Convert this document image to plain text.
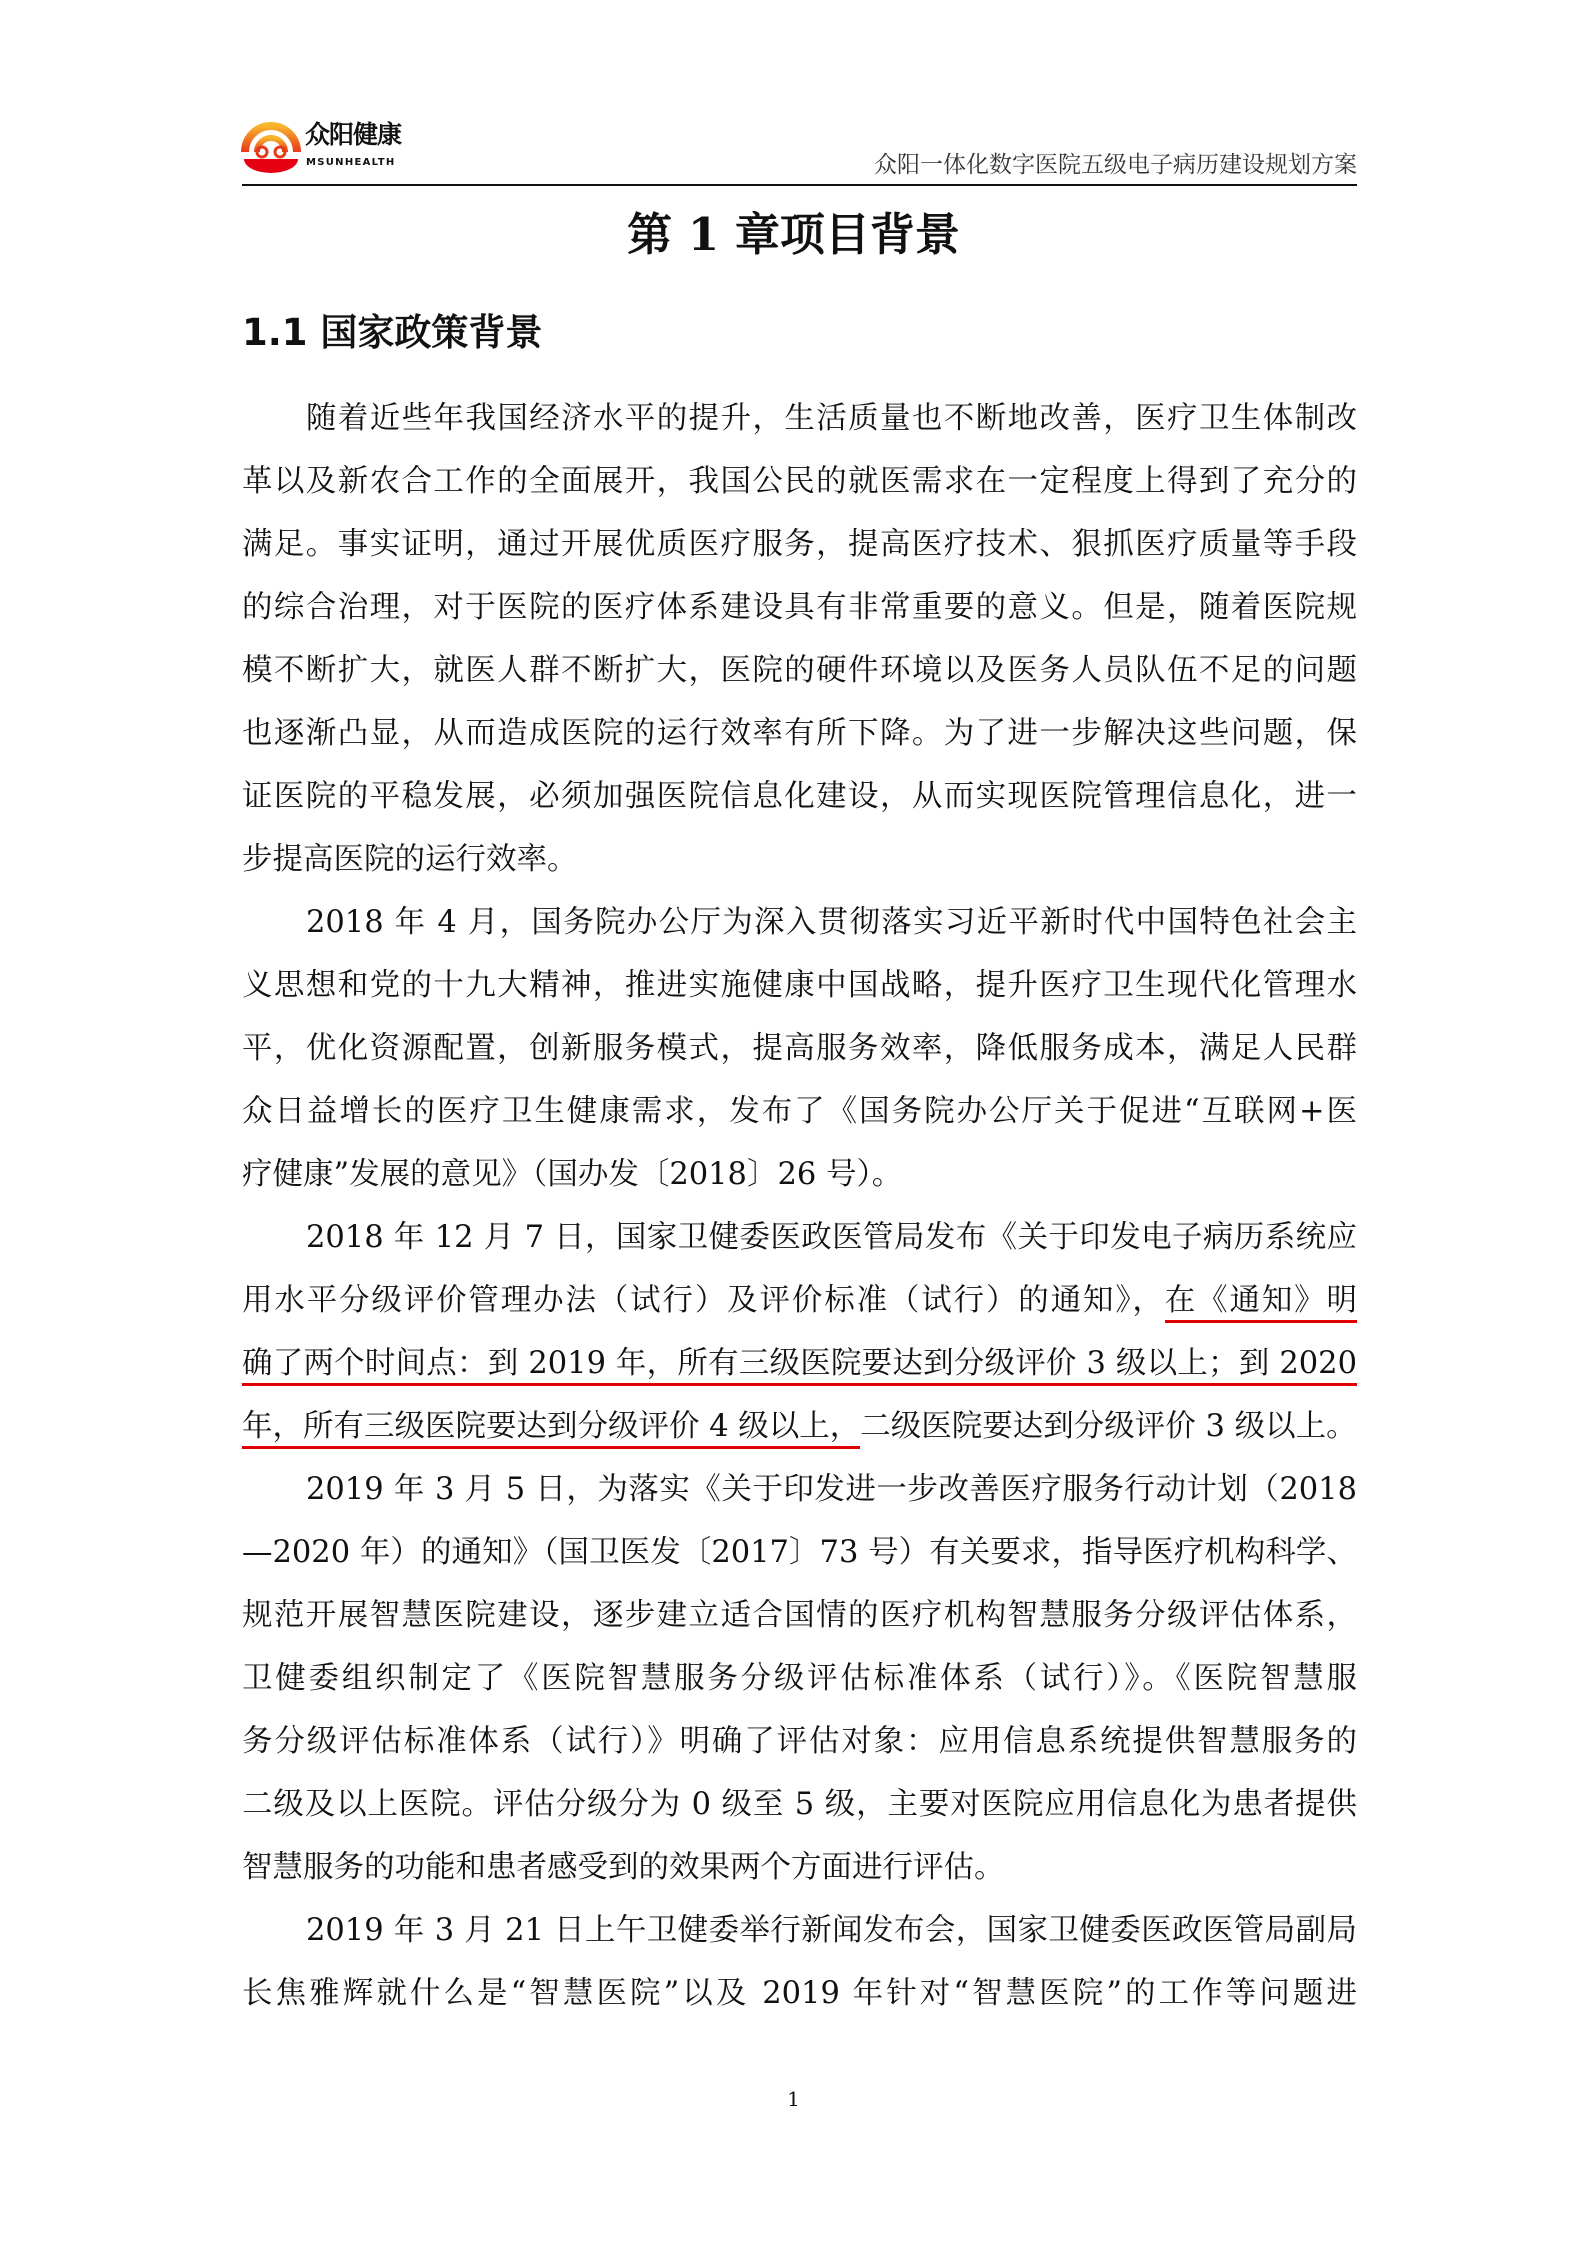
众阳健康
MSUNHEALTH	众阳一体化数字医院五级电子病历建设规划方案
第 1 章项目背景
1.1 国家政策背景
随着近些年我国经济水平的提升，生活质量也不断地改善，医疗卫生体制改
革以及新农合工作的全面展开，我国公民的就医需求在一定程度上得到了充分的
满足。事实证明，通过开展优质医疗服务，提高医疗技术、狠抓医疗质量等手段
的综合治理，对于医院的医疗体系建设具有非常重要的意义。但是，随着医院规
模不断扩大，就医人群不断扩大，医院的硬件环境以及医务人员队伍不足的问题
也逐渐凸显，从而造成医院的运行效率有所下降。为了进一步解决这些问题，保
证医院的平稳发展，必须加强医院信息化建设，从而实现医院管理信息化，进一
步提高医院的运行效率。
2018 年 4 月，国务院办公厅为深入贯彻落实习近平新时代中国特色社会主
义思想和党的十九大精神，推进实施健康中国战略，提升医疗卫生现代化管理水
平，优化资源配置，创新服务模式，提高服务效率，降低服务成本，满足人民群
众日益增长的医疗卫生健康需求，发布了《国务院办公厅关于促进“互联网+医
疗健康”发展的意见》（国办发〔2018〕26 号）。
2018 年 12 月 7 日，国家卫健委医政医管局发布《关于印发电子病历系统应
用水平分级评价管理办法（试行）及评价标准（试行）的通知》，在《通知》明
确了两个时间点：到 2019 年，所有三级医院要达到分级评价 3 级以上；到 2020
年，所有三级医院要达到分级评价 4 级以上，二级医院要达到分级评价 3 级以上。
2019 年 3 月 5 日，为落实《关于印发进一步改善医疗服务行动计划（2018
—2020 年）的通知》（国卫医发〔2017〕73 号）有关要求，指导医疗机构科学、
规范开展智慧医院建设，逐步建立适合国情的医疗机构智慧服务分级评估体系，
卫健委组织制定了《医院智慧服务分级评估标准体系（试行）》。《医院智慧服
务分级评估标准体系（试行）》明确了评估对象：应用信息系统提供智慧服务的
二级及以上医院。评估分级分为 0 级至 5 级，主要对医院应用信息化为患者提供
智慧服务的功能和患者感受到的效果两个方面进行评估。
2019 年 3 月 21 日上午卫健委举行新闻发布会，国家卫健委医政医管局副局
长焦雅辉就什么是“智慧医院”以及 2019 年针对“智慧医院”的工作等问题进
1
